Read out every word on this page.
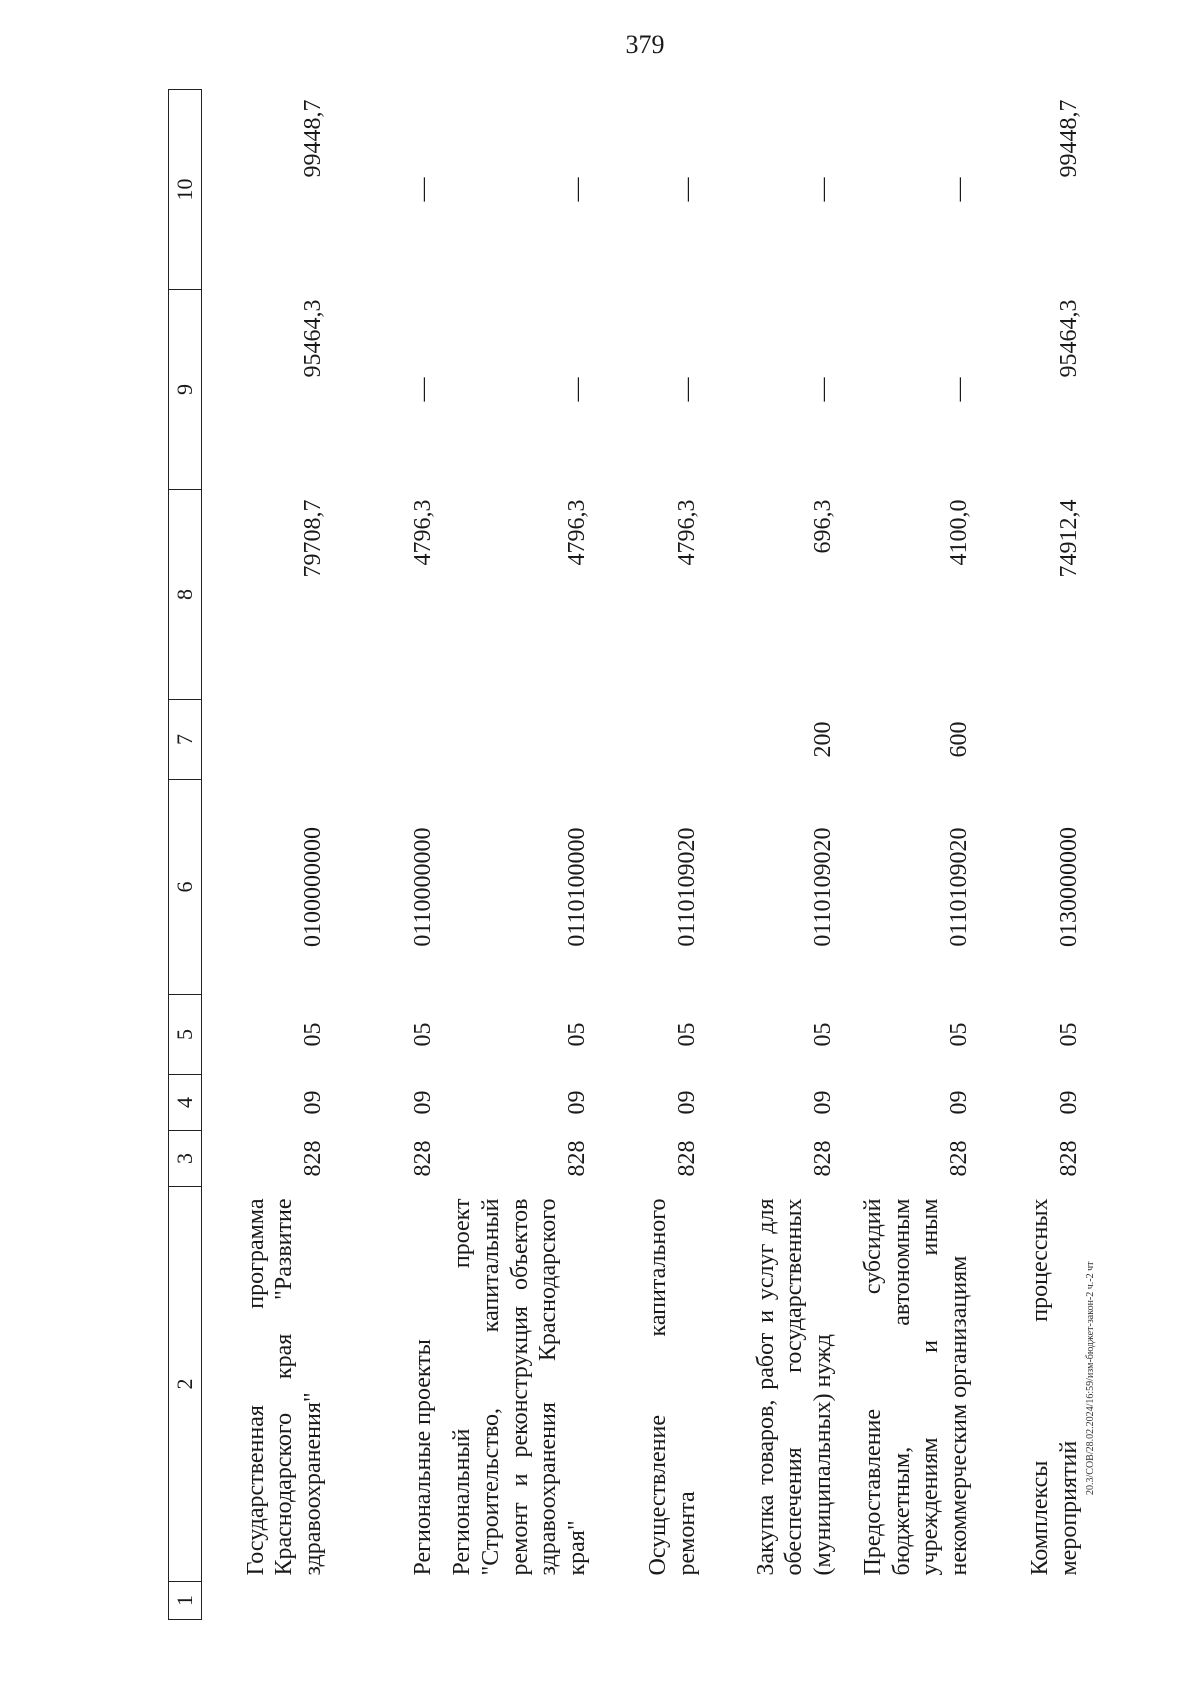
379
20.3/COB/28.02.2024/16:59/изм-бюджет-закон-2 ч.-2 чт
1	2	3	4	5	6	7	8	9	10
	Государственная программа Краснодарского края "Развитие здравоохранения"	828	09	05	0100000000		79708,7	95464,3	99448,7
	Региональные проекты	828	09	05	0110000000		4796,3	—	—
	Региональный проект "Строительство, капитальный ремонт и реконструкция объектов здравоохранения Краснодарского края"	828	09	05	0110100000		4796,3	—	—
	Осуществление капитального ремонта	828	09	05	0110109020		4796,3	—	—
	Закупка товаров, работ и услуг для обеспечения государственных (муниципальных) нужд	828	09	05	0110109020	200	696,3	—	—
	Предоставление субсидий бюджетным, автономным учреждениям и иным некоммерческим организациям	828	09	05	0110109020	600	4100,0	—	—
	Комплексы процессных мероприятий	828	09	05	0130000000		74912,4	95464,3	99448,7
